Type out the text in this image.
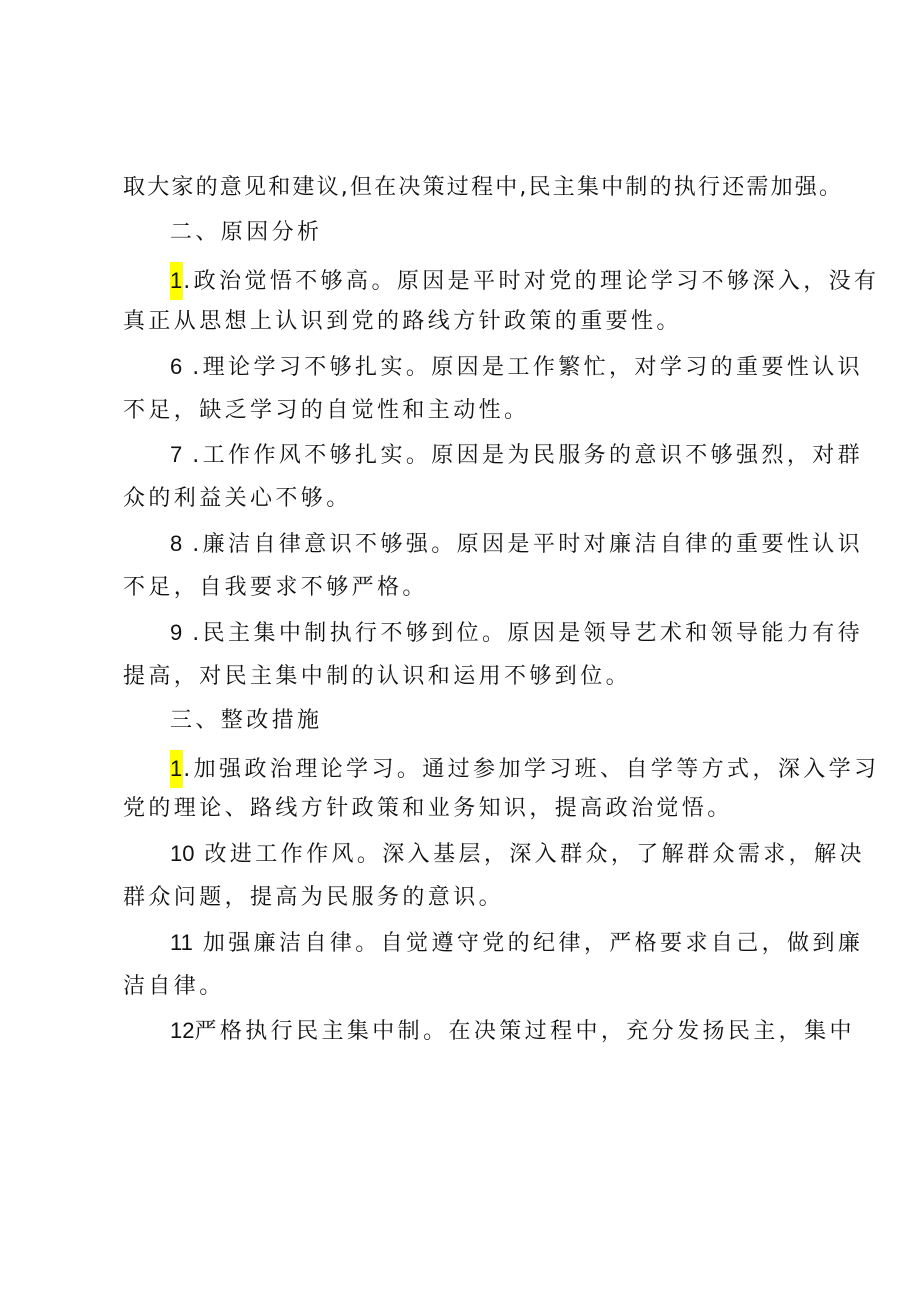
取大家的意见和建议,但在决策过程中,民主集中制的执行还需加强。
二、原因分析
1.政治觉悟不够高。原因是平时对党的理论学习不够深入，没有
真正从思想上认识到党的路线方针政策的重要性。
6 .理论学习不够扎实。原因是工作繁忙，对学习的重要性认识
不足，缺乏学习的自觉性和主动性。
7 .工作作风不够扎实。原因是为民服务的意识不够强烈，对群
众的利益关心不够。
8 .廉洁自律意识不够强。原因是平时对廉洁自律的重要性认识
不足，自我要求不够严格。
9 .民主集中制执行不够到位。原因是领导艺术和领导能力有待
提高，对民主集中制的认识和运用不够到位。
三、整改措施
1.加强政治理论学习。通过参加学习班、自学等方式，深入学习
党的理论、路线方针政策和业务知识，提高政治觉悟。
10 改进工作作风。深入基层，深入群众，了解群众需求，解决
群众问题，提高为民服务的意识。
11 加强廉洁自律。自觉遵守党的纪律，严格要求自己，做到廉
洁自律。
12严格执行民主集中制。在决策过程中，充分发扬民主，集中
